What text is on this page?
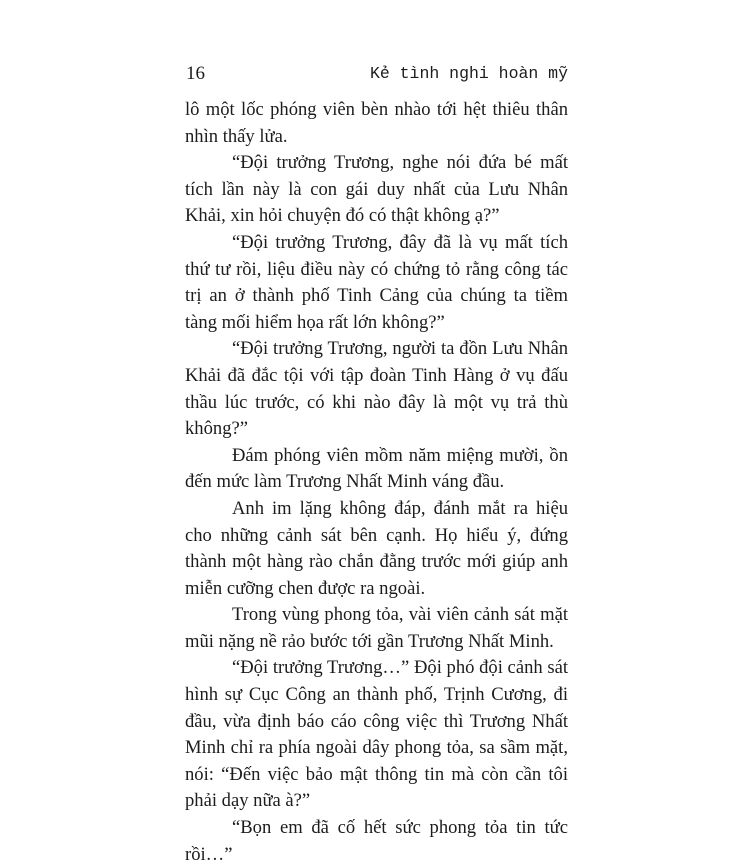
16	Kẻ tình nghi hoàn mỹ

lô một lốc phóng viên bèn nhào tới hệt thiêu thân nhìn thấy lửa.

“Đội trưởng Trương, nghe nói đứa bé mất tích lần này là con gái duy nhất của Lưu Nhân Khải, xin hỏi chuyện đó có thật không ạ?”

“Đội trưởng Trương, đây đã là vụ mất tích thứ tư rồi, liệu điều này có chứng tỏ rằng công tác trị an ở thành phố Tinh Cảng của chúng ta tiềm tàng mối hiểm họa rất lớn không?”

“Đội trưởng Trương, người ta đồn Lưu Nhân Khải đã đắc tội với tập đoàn Tinh Hàng ở vụ đấu thầu lúc trước, có khi nào đây là một vụ trả thù không?”

Đám phóng viên mồm năm miệng mười, ồn đến mức làm Trương Nhất Minh váng đầu.

Anh im lặng không đáp, đánh mắt ra hiệu cho những cảnh sát bên cạnh. Họ hiểu ý, đứng thành một hàng rào chắn đằng trước mới giúp anh miễn cưỡng chen được ra ngoài.

Trong vùng phong tỏa, vài viên cảnh sát mặt mũi nặng nề rảo bước tới gần Trương Nhất Minh.

“Đội trưởng Trương…” Đội phó đội cảnh sát hình sự Cục Công an thành phố, Trịnh Cương, đi đầu, vừa định báo cáo công việc thì Trương Nhất Minh chỉ ra phía ngoài dây phong tỏa, sa sầm mặt, nói: “Đến việc bảo mật thông tin mà còn cần tôi phải dạy nữa à?”

“Bọn em đã cố hết sức phong tỏa tin tức rồi…”
